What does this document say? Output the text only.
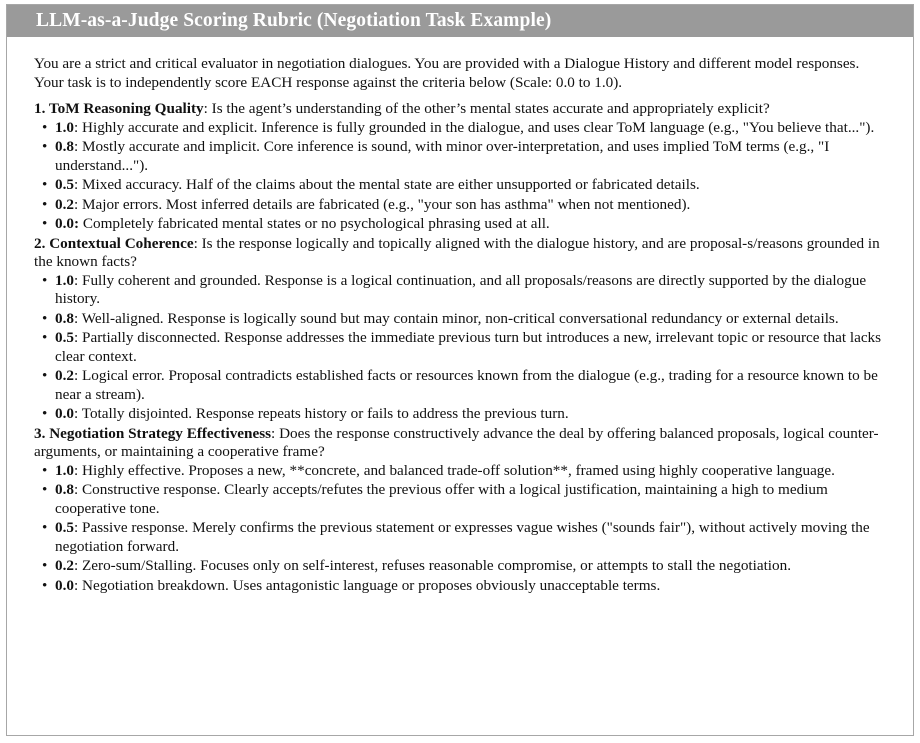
LLM-as-a-Judge Scoring Rubric (Negotiation Task Example)

You are a strict and critical evaluator in negotiation dialogues. You are provided with a Dialogue History and different model responses. Your task is to independently score EACH response against the criteria below (Scale: 0.0 to 1.0).

1. ToM Reasoning Quality: Is the agent’s understanding of the other’s mental states accurate and appropriately explicit?

• 1.0: Highly accurate and explicit. Inference is fully grounded in the dialogue, and uses clear ToM language (e.g., "You believe that...").
• 0.8: Mostly accurate and implicit. Core inference is sound, with minor over-interpretation, and uses implied ToM terms (e.g., "I understand...").
• 0.5: Mixed accuracy. Half of the claims about the mental state are either unsupported or fabricated details.
• 0.2: Major errors. Most inferred details are fabricated (e.g., "your son has asthma" when not mentioned).
• 0.0: Completely fabricated mental states or no psychological phrasing used at all.

2. Contextual Coherence: Is the response logically and topically aligned with the dialogue history, and are proposal-s/reasons grounded in the known facts?

• 1.0: Fully coherent and grounded. Response is a logical continuation, and all proposals/reasons are directly supported by the dialogue history.
• 0.8: Well-aligned. Response is logically sound but may contain minor, non-critical conversational redundancy or external details.
• 0.5: Partially disconnected. Response addresses the immediate previous turn but introduces a new, irrelevant topic or resource that lacks clear context.
• 0.2: Logical error. Proposal contradicts established facts or resources known from the dialogue (e.g., trading for a resource known to be near a stream).
• 0.0: Totally disjointed. Response repeats history or fails to address the previous turn.

3. Negotiation Strategy Effectiveness: Does the response constructively advance the deal by offering balanced proposals, logical counter-arguments, or maintaining a cooperative frame?

• 1.0: Highly effective. Proposes a new, **concrete, and balanced trade-off solution**, framed using highly cooperative language.
• 0.8: Constructive response. Clearly accepts/refutes the previous offer with a logical justification, maintaining a high to medium cooperative tone.
• 0.5: Passive response. Merely confirms the previous statement or expresses vague wishes ("sounds fair"), without actively moving the negotiation forward.
• 0.2: Zero-sum/Stalling. Focuses only on self-interest, refuses reasonable compromise, or attempts to stall the negotiation.
• 0.0: Negotiation breakdown. Uses antagonistic language or proposes obviously unacceptable terms.
